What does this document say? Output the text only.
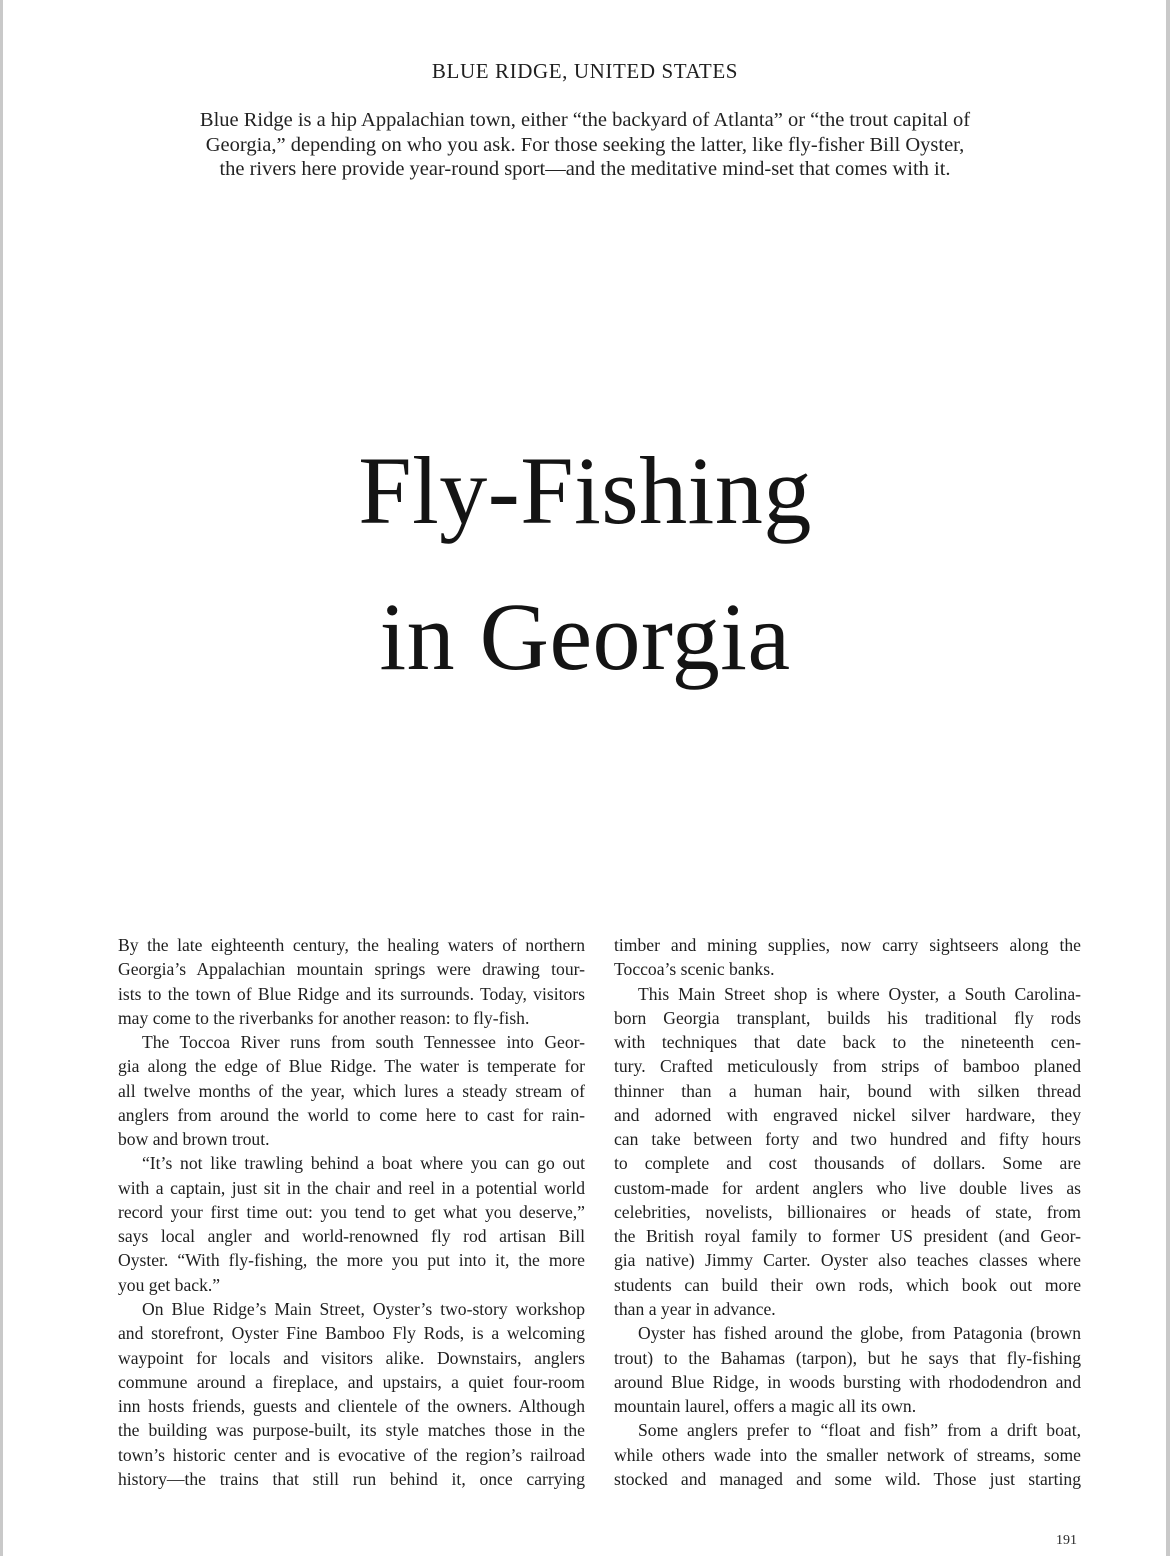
BLUE RIDGE, UNITED STATES
Blue Ridge is a hip Appalachian town, either “the backyard of Atlanta” or “the trout capital of
Georgia,” depending on who you ask. For those seeking the latter, like fly-fisher Bill Oyster,
the rivers here provide year-round sport—and the meditative mind-set that comes with it.
Fly-Fishing
in Georgia
By the late eighteenth century, the healing waters of northern
Georgia’s Appalachian mountain springs were drawing tour-
ists to the town of Blue Ridge and its surrounds. Today, visitors
may come to the riverbanks for another reason: to fly-fish.
The Toccoa River runs from south Tennessee into Geor-
gia along the edge of Blue Ridge. The water is temperate for
all twelve months of the year, which lures a steady stream of
anglers from around the world to come here to cast for rain-
bow and brown trout.
“It’s not like trawling behind a boat where you can go out
with a captain, just sit in the chair and reel in a potential world
record your first time out: you tend to get what you deserve,”
says local angler and world-renowned fly rod artisan Bill
Oyster. “With fly-fishing, the more you put into it, the more
you get back.”
On Blue Ridge’s Main Street, Oyster’s two-story workshop
and storefront, Oyster Fine Bamboo Fly Rods, is a welcoming
waypoint for locals and visitors alike. Downstairs, anglers
commune around a fireplace, and upstairs, a quiet four-room
inn hosts friends, guests and clientele of the owners. Although
the building was purpose-built, its style matches those in the
town’s historic center and is evocative of the region’s railroad
history—the trains that still run behind it, once carrying
timber and mining supplies, now carry sightseers along the
Toccoa’s scenic banks.
This Main Street shop is where Oyster, a South Carolina-
born Georgia transplant, builds his traditional fly rods
with techniques that date back to the nineteenth cen-
tury. Crafted meticulously from strips of bamboo planed
thinner than a human hair, bound with silken thread
and adorned with engraved nickel silver hardware, they
can take between forty and two hundred and fifty hours
to complete and cost thousands of dollars. Some are
custom-made for ardent anglers who live double lives as
celebrities, novelists, billionaires or heads of state, from
the British royal family to former US president (and Geor-
gia native) Jimmy Carter. Oyster also teaches classes where
students can build their own rods, which book out more
than a year in advance.
Oyster has fished around the globe, from Patagonia (brown
trout) to the Bahamas (tarpon), but he says that fly-fishing
around Blue Ridge, in woods bursting with rhododendron and
mountain laurel, offers a magic all its own.
Some anglers prefer to “float and fish” from a drift boat,
while others wade into the smaller network of streams, some
stocked and managed and some wild. Those just starting
191
